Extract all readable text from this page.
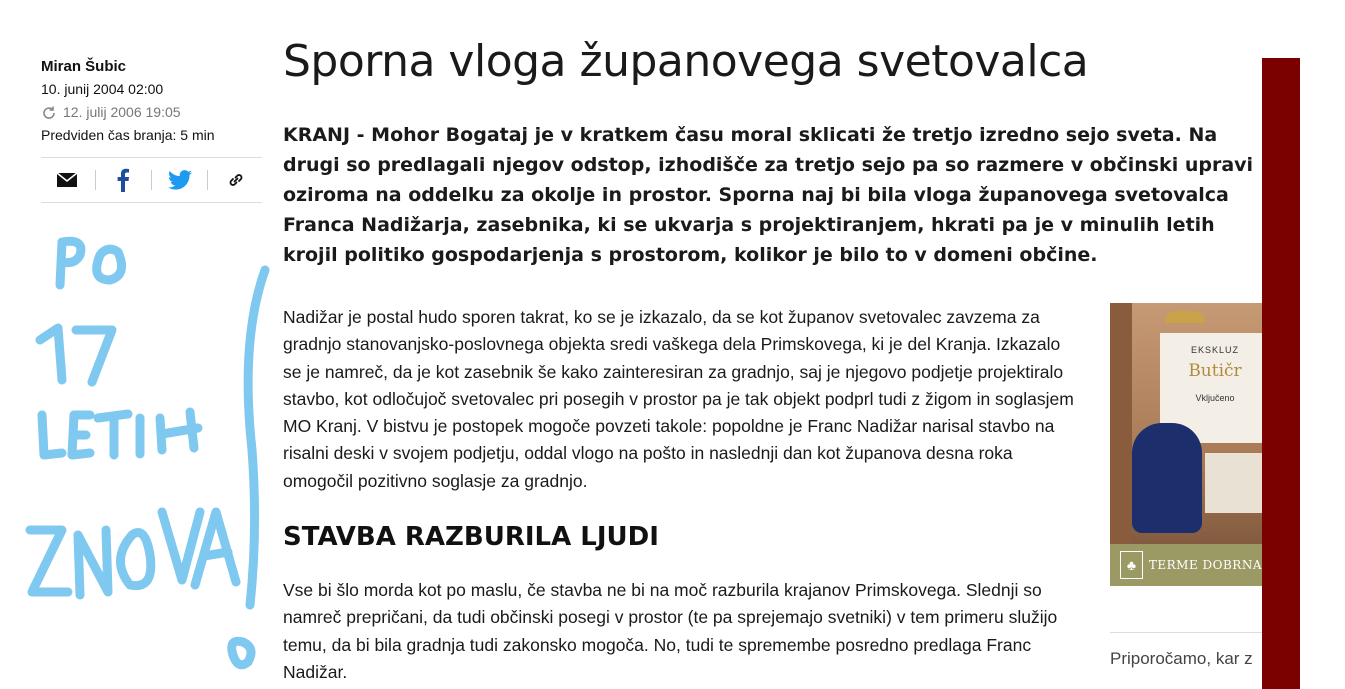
Miran Šubic
10. junij 2004 02:00
12. julij 2006 19:05
Predviden čas branja: 5 min
Sporna vloga županovega svetovalca

KRANJ - Mohor Bogataj je v kratkem času moral sklicati že tretjo izredno sejo sveta. Na drugi so predlagali njegov odstop, izhodišče za tretjo sejo pa so razmere v občinski upravi oziroma na oddelku za okolje in prostor. Sporna naj bi bila vloga županovega svetovalca Franca Nadižarja, zasebnika, ki se ukvarja s projektiranjem, hkrati pa je v minulih letih krojil politiko gospodarjenja s prostorom, kolikor je bilo to v domeni občine.

Nadižar je postal hudo sporen takrat, ko se je izkazalo, da se kot županov svetovalec zavzema za gradnjo stanovanjsko-poslovnega objekta sredi vaškega dela Primskovega, ki je del Kranja. Izkazalo se je namreč, da je kot zasebnik še kako zainteresiran za gradnjo, saj je njegovo podjetje projektiralo stavbo, kot odločujoč svetovalec pri posegih v prostor pa je tak objekt podprl tudi z žigom in soglasjem MO Kranj. V bistvu je postopek mogoče povzeti takole: popoldne je Franc Nadižar narisal stavbo na risalni deski v svojem podjetju, oddal vlogo na pošto in naslednji dan kot županova desna roka omogočil pozitivno soglasje za gradnjo.

STAVBA RAZBURILA LJUDI

Vse bi šlo morda kot po maslu, če stavba ne bi na moč razburila krajanov Primskovega. Slednji so namreč prepričani, da tudi občinski posegi v prostor (te pa sprejemajo svetniki) v tem primeru služijo temu, da bi bila gradnja tudi zakonsko mogoča. No, tudi te spremembe posredno predlaga Franc Nadižar.

EKSKLUZ
Butičr
Vključeno
♣	TERME DOBRNA
Priporočamo, kar z
